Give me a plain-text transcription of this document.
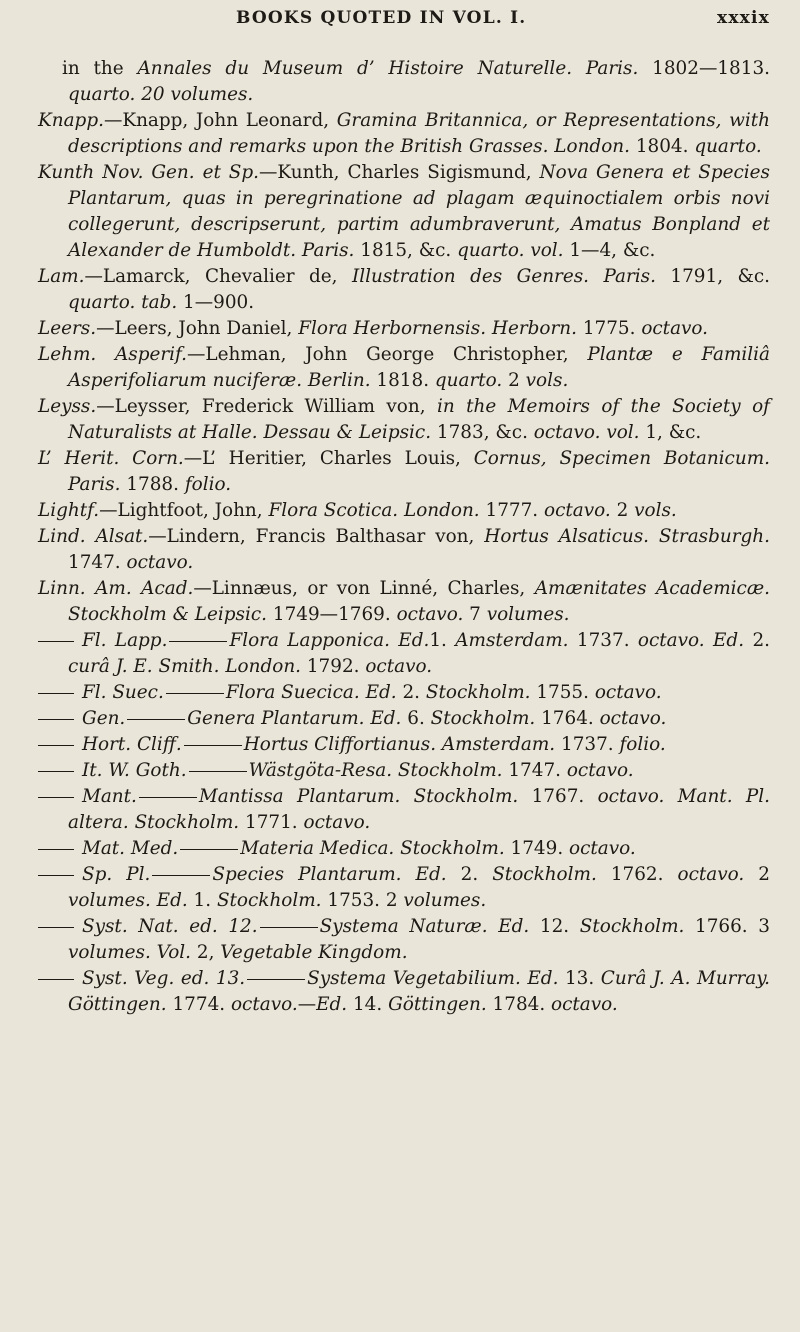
BOOKS QUOTED IN VOL. I.	xxxix

in the Annales du Museum d’ Histoire Naturelle. Paris. 1802—1813. quarto. 20 volumes.

Knapp.—Knapp, John Leonard, Gramina Britannica, or Representations, with descriptions and remarks upon the British Grasses. London. 1804. quarto.

Kunth Nov. Gen. et Sp.—Kunth, Charles Sigismund, Nova Genera et Species Plantarum, quas in peregrinatione ad plagam æquinoctialem orbis novi collegerunt, descripserunt, partim adumbraverunt, Amatus Bonpland et Alexander de Humboldt. Paris. 1815, &c. quarto. vol. 1—4, &c.

Lam.—Lamarck, Chevalier de, Illustration des Genres. Paris. 1791, &c. quarto. tab. 1—900.

Leers.—Leers, John Daniel, Flora Herbornensis. Herborn. 1775. octavo.

Lehm. Asperif.—Lehman, John George Christopher, Plantæ e Familiâ Asperifoliarum nuciferæ. Berlin. 1818. quarto. 2 vols.

Leyss.—Leysser, Frederick William von, in the Memoirs of the Society of Naturalists at Halle. Dessau & Leipsic. 1783, &c. octavo. vol. 1, &c.

L’ Herit. Corn.—L’ Heritier, Charles Louis, Cornus, Specimen Botanicum. Paris. 1788. folio.

Lightf.—Lightfoot, John, Flora Scotica. London. 1777. octavo. 2 vols.

Lind. Alsat.—Lindern, Francis Balthasar von, Hortus Alsaticus. Strasburgh. 1747. octavo.

Linn. Am. Acad.—Linnæus, or von Linné, Charles, Amænitates Academicæ. Stockholm & Leipsic. 1749—1769. octavo. 7 volumes.

Fl. Lapp.	Flora Lapponica. Ed.1. Amsterdam. 1737. octavo. Ed. 2. curâ J. E. Smith. London. 1792. octavo.

Fl. Suec.	Flora Suecica. Ed. 2. Stockholm. 1755. octavo.

Gen.	Genera Plantarum. Ed. 6. Stockholm. 1764. octavo.

Hort. Cliff.	Hortus Cliffortianus. Amsterdam. 1737. folio.

It. W. Goth.	Wästgöta-Resa. Stockholm. 1747. octavo.

Mant.	Mantissa Plantarum. Stockholm. 1767. octavo. Mant. Pl. altera. Stockholm. 1771. octavo.

Mat. Med.	Materia Medica. Stockholm. 1749. octavo.

Sp. Pl.	Species Plantarum. Ed. 2. Stockholm. 1762. octavo. 2 volumes. Ed. 1. Stockholm. 1753. 2 volumes.

Syst. Nat. ed. 12.	Systema Naturæ. Ed. 12. Stockholm. 1766. 3 volumes. Vol. 2, Vegetable Kingdom.

Syst. Veg. ed. 13.	Systema Vegetabilium. Ed. 13. Curâ J. A. Murray. Göttingen. 1774. octavo.—Ed. 14. Göttingen. 1784. octavo.
